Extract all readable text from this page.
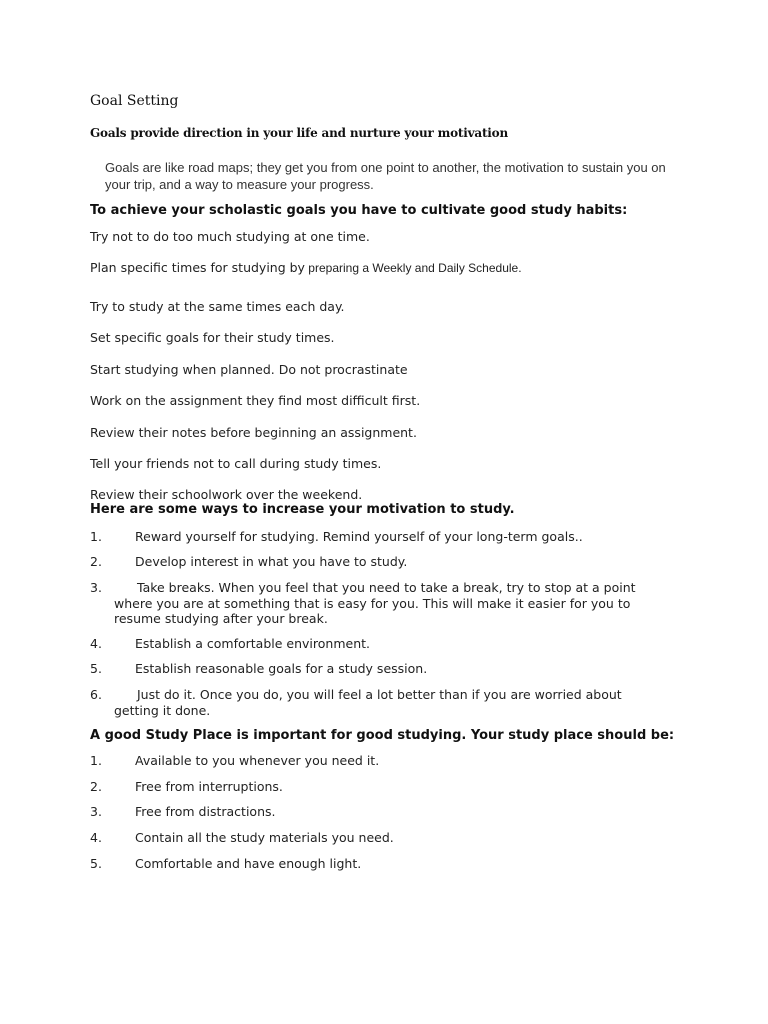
Goal Setting
Goals provide direction in your life and nurture your motivation

Goals are like road maps; they get you from one point to another, the motivation to sustain you on your trip, and a way to measure your progress.

To achieve your scholastic goals you have to cultivate good study habits:
Try not to do too much studying at one time.
Plan specific times for studying by preparing a Weekly and Daily Schedule.
Try to study at the same times each day.
Set specific goals for their study times.
Start studying when planned. Do not procrastinate
Work on the assignment they find most difficult first.
Review their notes before beginning an assignment.
Tell your friends not to call during study times.
Review their schoolwork over the weekend.
Here are some ways to increase your motivation to study.
1.	Reward yourself for studying. Remind yourself of your long-term goals..
2.	Develop interest in what you have to study.
3.	Take breaks. When you feel that you need to take a break, try to stop at a point
where you are at something that is easy for you. This will make it easier for you to
resume studying after your break.
4.	Establish a comfortable environment.
5.	Establish reasonable goals for a study session.
6.	Just do it. Once you do, you will feel a lot better than if you are worried about
getting it done.
A good Study Place is important for good studying. Your study place should be:
1.	Available to you whenever you need it.
2.	Free from interruptions.
3.	Free from distractions.
4.	Contain all the study materials you need.
5.	Comfortable and have enough light.
